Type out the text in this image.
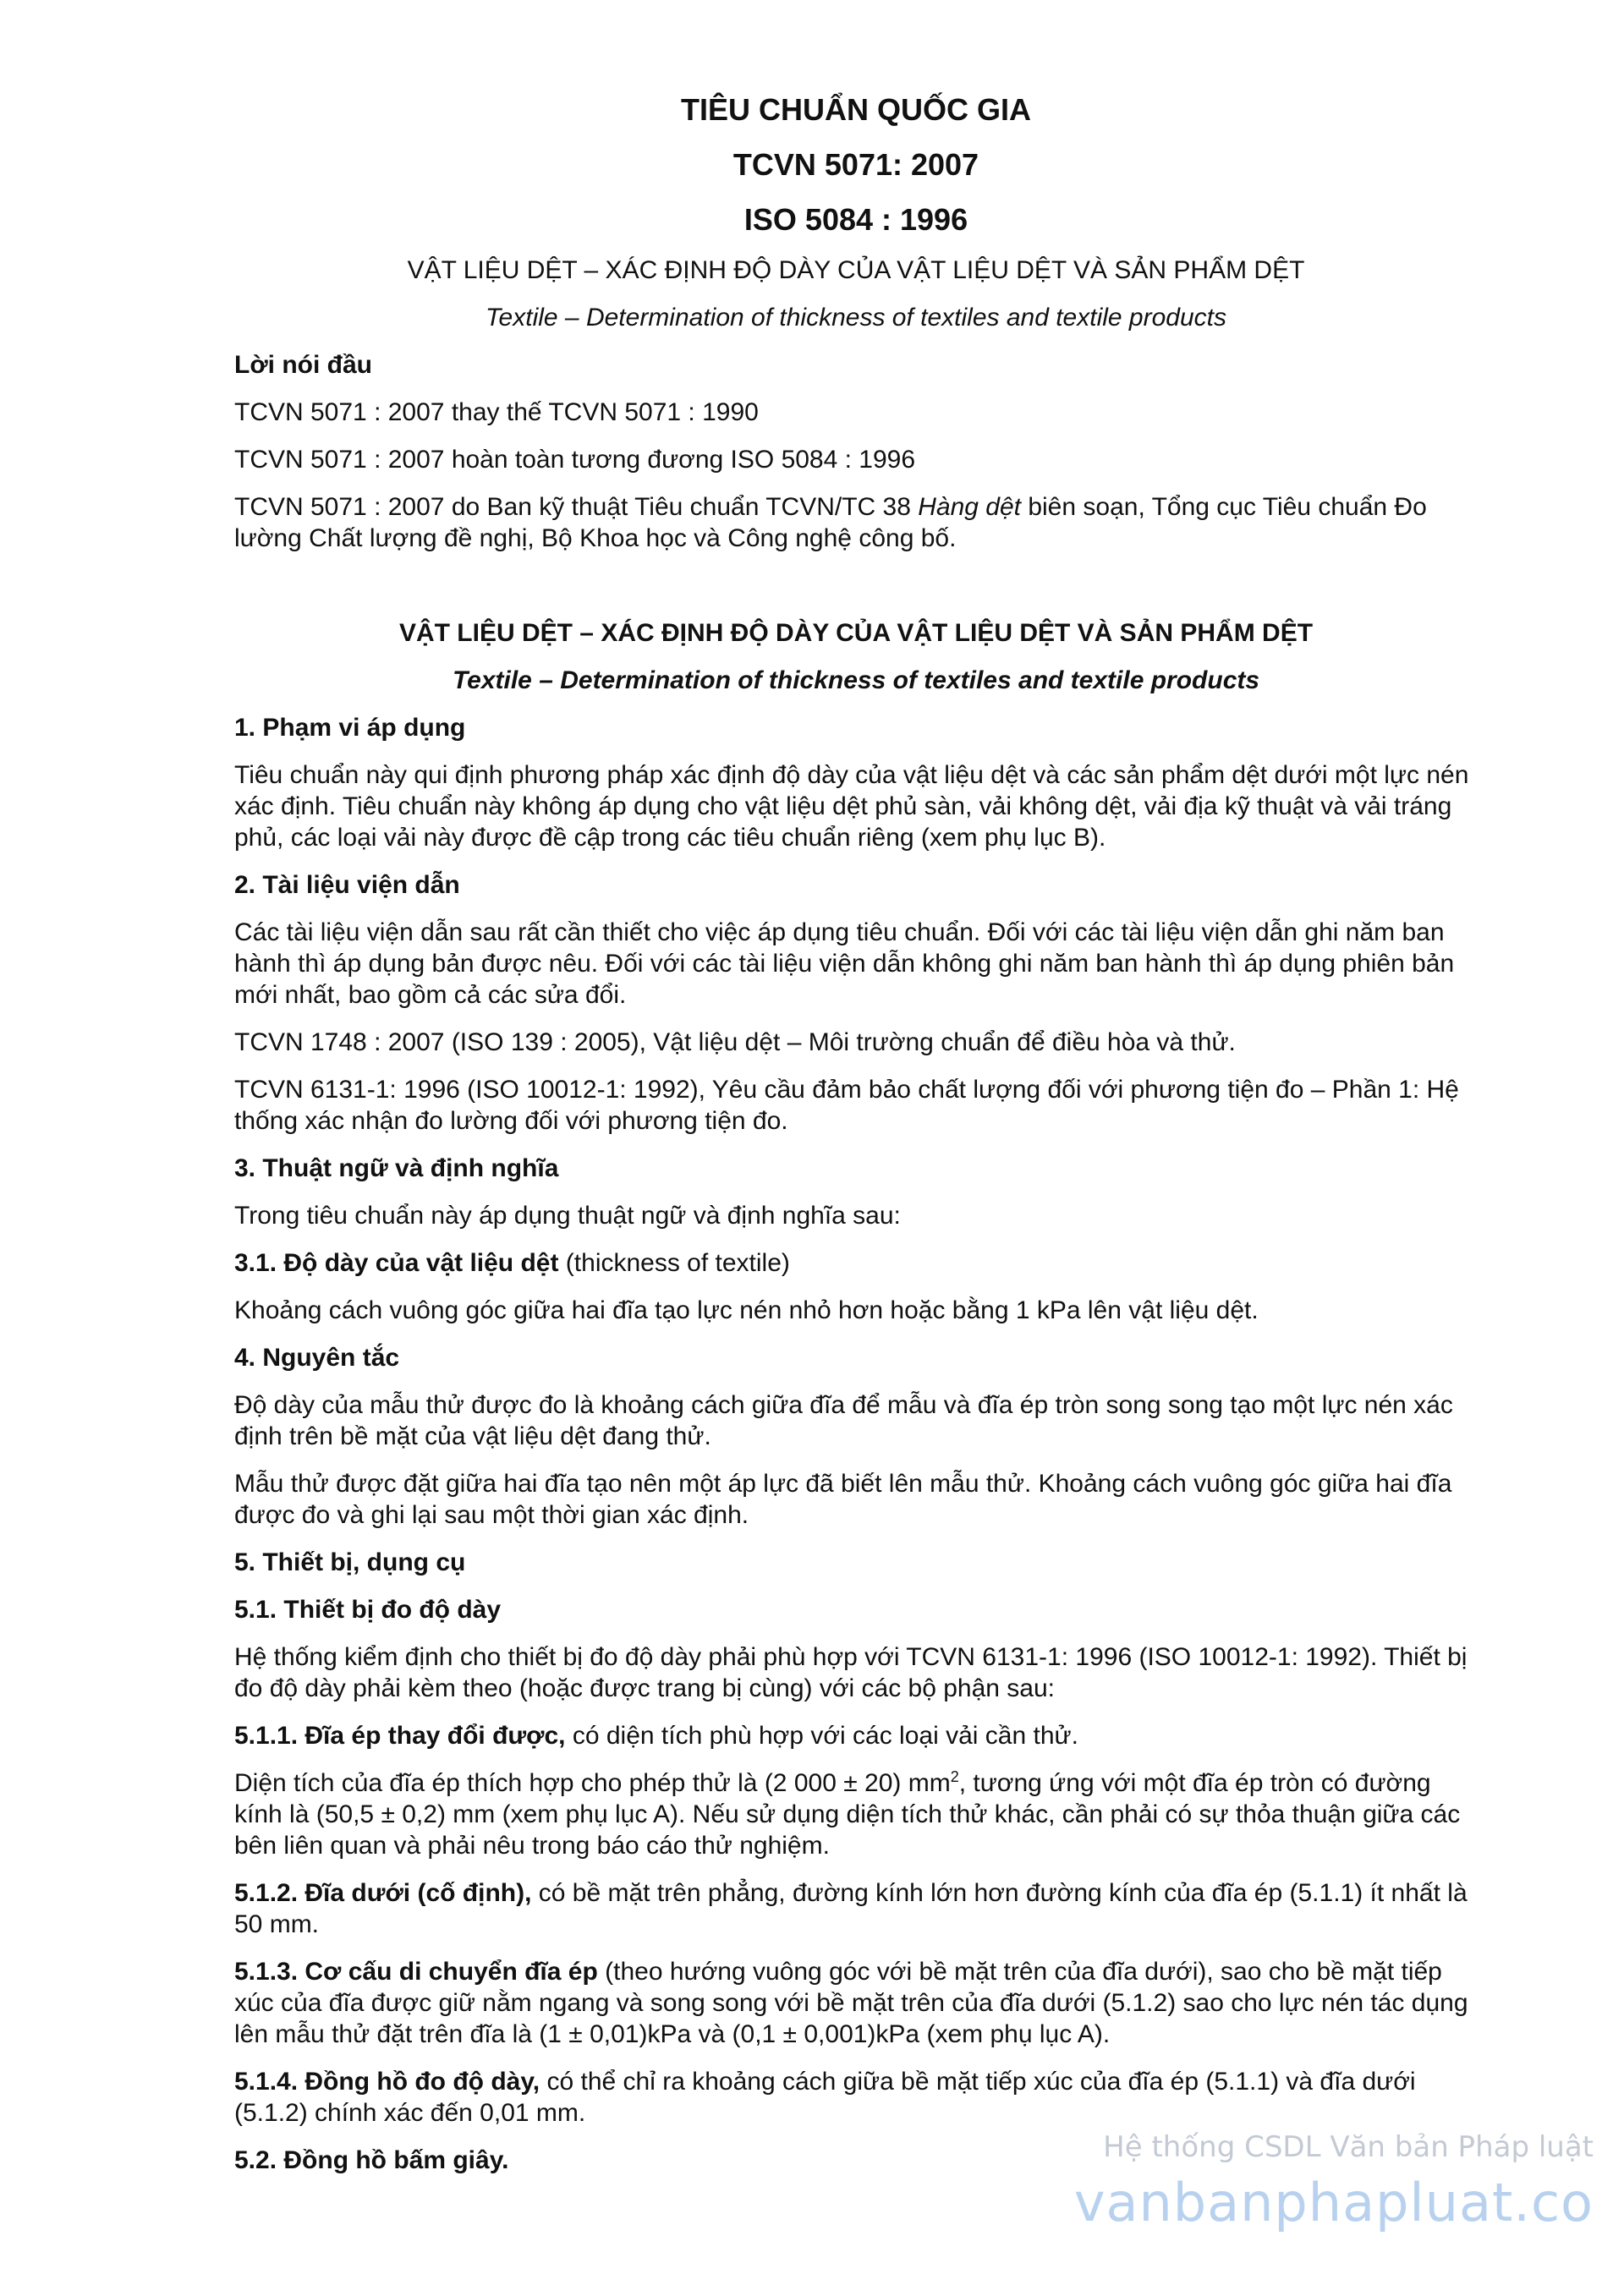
TIÊU CHUẨN QUỐC GIA
TCVN 5071: 2007
ISO 5084 : 1996
VẬT LIỆU DỆT – XÁC ĐỊNH ĐỘ DÀY CỦA VẬT LIỆU DỆT VÀ SẢN PHẨM DỆT
Textile – Determination of thickness of textiles and textile products

Lời nói đầu

TCVN 5071 : 2007 thay thế TCVN 5071 : 1990

TCVN 5071 : 2007 hoàn toàn tương đương ISO 5084 : 1996

TCVN 5071 : 2007 do Ban kỹ thuật Tiêu chuẩn TCVN/TC 38 Hàng dệt biên soạn, Tổng cục Tiêu chuẩn Đo lường Chất lượng đề nghị, Bộ Khoa học và Công nghệ công bố.

VẬT LIỆU DỆT – XÁC ĐỊNH ĐỘ DÀY CỦA VẬT LIỆU DỆT VÀ SẢN PHẨM DỆT

Textile – Determination of thickness of textiles and textile products

1. Phạm vi áp dụng

Tiêu chuẩn này qui định phương pháp xác định độ dày của vật liệu dệt và các sản phẩm dệt dưới một lực nén xác định. Tiêu chuẩn này không áp dụng cho vật liệu dệt phủ sàn, vải không dệt, vải địa kỹ thuật và vải tráng phủ, các loại vải này được đề cập trong các tiêu chuẩn riêng (xem phụ lục B).

2. Tài liệu viện dẫn

Các tài liệu viện dẫn sau rất cần thiết cho việc áp dụng tiêu chuẩn. Đối với các tài liệu viện dẫn ghi năm ban hành thì áp dụng bản được nêu. Đối với các tài liệu viện dẫn không ghi năm ban hành thì áp dụng phiên bản mới nhất, bao gồm cả các sửa đổi.

TCVN 1748 : 2007 (ISO 139 : 2005), Vật liệu dệt – Môi trường chuẩn để điều hòa và thử.

TCVN 6131-1: 1996 (ISO 10012-1: 1992), Yêu cầu đảm bảo chất lượng đối với phương tiện đo – Phần 1: Hệ thống xác nhận đo lường đối với phương tiện đo.

3. Thuật ngữ và định nghĩa

Trong tiêu chuẩn này áp dụng thuật ngữ và định nghĩa sau:

3.1. Độ dày của vật liệu dệt (thickness of textile)

Khoảng cách vuông góc giữa hai đĩa tạo lực nén nhỏ hơn hoặc bằng 1 kPa lên vật liệu dệt.

4. Nguyên tắc

Độ dày của mẫu thử được đo là khoảng cách giữa đĩa để mẫu và đĩa ép tròn song song tạo một lực nén xác định trên bề mặt của vật liệu dệt đang thử.

Mẫu thử được đặt giữa hai đĩa tạo nên một áp lực đã biết lên mẫu thử. Khoảng cách vuông góc giữa hai đĩa được đo và ghi lại sau một thời gian xác định.

5. Thiết bị, dụng cụ

5.1. Thiết bị đo độ dày

Hệ thống kiểm định cho thiết bị đo độ dày phải phù hợp với TCVN 6131-1: 1996 (ISO 10012-1: 1992). Thiết bị đo độ dày phải kèm theo (hoặc được trang bị cùng) với các bộ phận sau:

5.1.1. Đĩa ép thay đổi được, có diện tích phù hợp với các loại vải cần thử.

Diện tích của đĩa ép thích hợp cho phép thử là (2 000 ± 20) $mm^2$, tương ứng với một đĩa ép tròn có đường kính là (50,5 ± 0,2) mm (xem phụ lục A). Nếu sử dụng diện tích thử khác, cần phải có sự thỏa thuận giữa các bên liên quan và phải nêu trong báo cáo thử nghiệm.

5.1.2. Đĩa dưới (cố định), có bề mặt trên phẳng, đường kính lớn hơn đường kính của đĩa ép (5.1.1) ít nhất là 50 mm.

5.1.3. Cơ cấu di chuyển đĩa ép (theo hướng vuông góc với bề mặt trên của đĩa dưới), sao cho bề mặt tiếp xúc của đĩa được giữ nằm ngang và song song với bề mặt trên của đĩa dưới (5.1.2) sao cho lực nén tác dụng lên mẫu thử đặt trên đĩa là (1 ± 0,01)kPa và (0,1 ± 0,001)kPa (xem phụ lục A).

5.1.4. Đồng hồ đo độ dày, có thể chỉ ra khoảng cách giữa bề mặt tiếp xúc của đĩa ép (5.1.1) và đĩa dưới (5.1.2) chính xác đến 0,01 mm.

5.2. Đồng hồ bấm giây.	Hệ thống CSDL Văn bản Pháp luật
vanbanphapluat.co
